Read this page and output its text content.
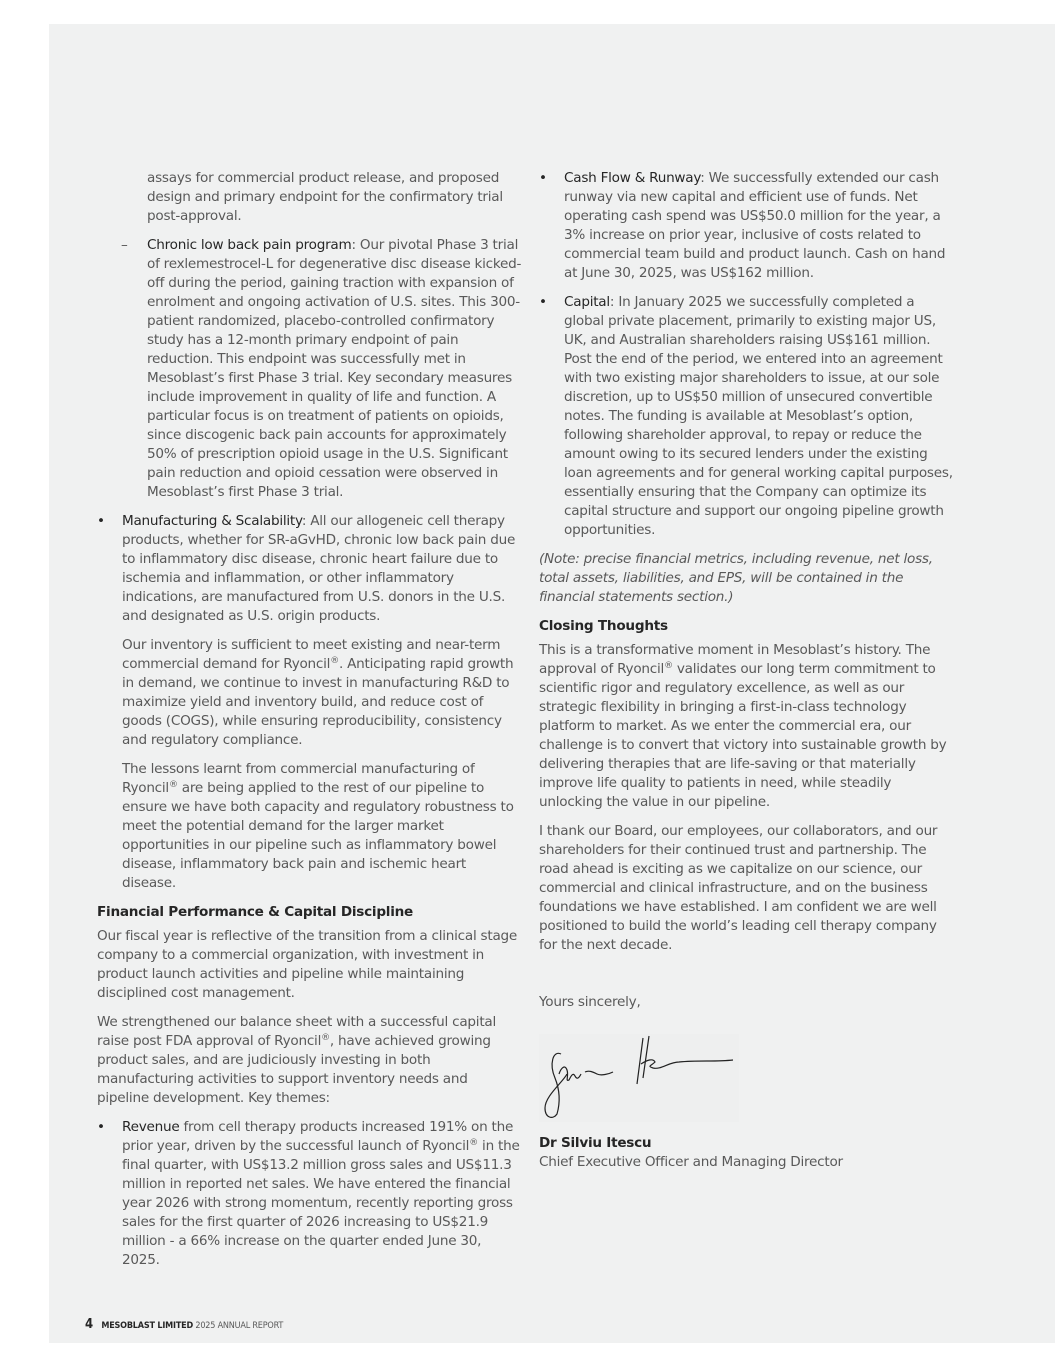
assays for commercial product release, and proposed design and primary endpoint for the confirmatory trial post-approval.

– Chronic low back pain program: Our pivotal Phase 3 trial of rexlemestrocel-L for degenerative disc disease kicked-off during the period, gaining traction with expansion of enrolment and ongoing activation of U.S. sites. This 300-patient randomized, placebo-controlled confirmatory study has a 12-month primary endpoint of pain reduction. This endpoint was successfully met in Mesoblast’s first Phase 3 trial. Key secondary measures include improvement in quality of life and function. A particular focus is on treatment of patients on opioids, since discogenic back pain accounts for approximately 50% of prescription opioid usage in the U.S. Significant pain reduction and opioid cessation were observed in Mesoblast’s first Phase 3 trial.
• Manufacturing & Scalability: All our allogeneic cell therapy products, whether for SR-aGvHD, chronic low back pain due to inflammatory disc disease, chronic heart failure due to ischemia and inflammation, or other inflammatory indications, are manufactured from U.S. donors in the U.S. and designated as U.S. origin products.

Our inventory is sufficient to meet existing and near-term commercial demand for Ryoncil®. Anticipating rapid growth in demand, we continue to invest in manufacturing R&D to maximize yield and inventory build, and reduce cost of goods (COGS), while ensuring reproducibility, consistency and regulatory compliance.

The lessons learnt from commercial manufacturing of Ryoncil® are being applied to the rest of our pipeline to ensure we have both capacity and regulatory robustness to meet the potential demand for the larger market opportunities in our pipeline such as inflammatory bowel disease, inflammatory back pain and ischemic heart disease.

Financial Performance & Capital Discipline

Our fiscal year is reflective of the transition from a clinical stage company to a commercial organization, with investment in product launch activities and pipeline while maintaining disciplined cost management.

We strengthened our balance sheet with a successful capital raise post FDA approval of Ryoncil®, have achieved growing product sales, and are judiciously investing in both manufacturing activities to support inventory needs and pipeline development. Key themes:

• Revenue from cell therapy products increased 191% on the prior year, driven by the successful launch of Ryoncil® in the final quarter, with US$13.2 million gross sales and US$11.3 million in reported net sales. We have entered the financial year 2026 with strong momentum, recently reporting gross sales for the first quarter of 2026 increasing to US$21.9 million - a 66% increase on the quarter ended June 30, 2025.
• Cash Flow & Runway: We successfully extended our cash runway via new capital and efficient use of funds. Net operating cash spend was US$50.0 million for the year, a 3% increase on prior year, inclusive of costs related to commercial team build and product launch. Cash on hand at June 30, 2025, was US$162 million.
• Capital: In January 2025 we successfully completed a global private placement, primarily to existing major US, UK, and Australian shareholders raising US$161 million. Post the end of the period, we entered into an agreement with two existing major shareholders to issue, at our sole discretion, up to US$50 million of unsecured convertible notes. The funding is available at Mesoblast’s option, following shareholder approval, to repay or reduce the amount owing to its secured lenders under the existing loan agreements and for general working capital purposes, essentially ensuring that the Company can optimize its capital structure and support our ongoing pipeline growth opportunities.

(Note: precise financial metrics, including revenue, net loss, total assets, liabilities, and EPS, will be contained in the financial statements section.)

Closing Thoughts

This is a transformative moment in Mesoblast’s history. The approval of Ryoncil® validates our long term commitment to scientific rigor and regulatory excellence, as well as our strategic flexibility in bringing a first-in-class technology platform to market. As we enter the commercial era, our challenge is to convert that victory into sustainable growth by delivering therapies that are life-saving or that materially improve life quality to patients in need, while steadily unlocking the value in our pipeline.

I thank our Board, our employees, our collaborators, and our shareholders for their continued trust and partnership. The road ahead is exciting as we capitalize on our science, our commercial and clinical infrastructure, and on the business foundations we have established. I am confident we are well positioned to build the world’s leading cell therapy company for the next decade.

Yours sincerely,

Dr Silviu Itescu

Chief Executive Officer and Managing Director

4 MESOBLAST LIMITED 2025 ANNUAL REPORT
